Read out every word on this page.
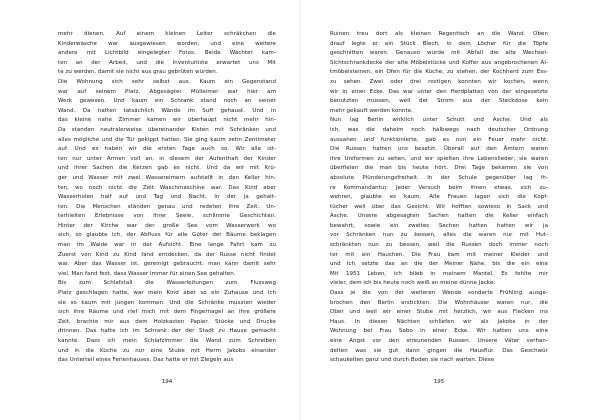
mehr dienen. Auf einem kleinen Leiter schräkchen die
Kinderwäsche war ausgewiesen worden, und eine weitere
andere mit Lichtbild eingelegter Fotos. Beide Wächter kam-
ten an der Arbeit, und die Inventurliste erwartet uns Mit
te zu werden, damit sie nicht aus grau gebrüten würden.
Die Wohnung sich sehr selbst aus. Kaum ein Gegenstand
war auf seinem Platz. Abgesägter Mülleimer war hier am
Werk gewesen. Und kaum ein Schrank stand noch an seiner
Wand. Da hatten tatsächlich Wände im Suff gehaust. Und in
das kleine nahe Zimmer kamen wir überhaupt nicht mehr hin-
Da standen neutralerweise übereinander Kisten mit Schränken und
alles mögliche und die Tür gekippt hatten. Sie ging kaum zehn Zentimeter
auf. Und es haben wir die ersten Tage auch so. Wir alle ist-
ten nur unter Armen voll an, in diesem der Aufenthalt der Kinder
und ihrer Sachen die Kerzen gab es nicht. Und da wir mit Krü-
ger und Wasser mit zwei Wassereimern aufstellt in den Keller hin-
ten, wo noch nicht die Zeit Waschmaschine war. Das Kind aber
Wasserholen half auf und Tag und Nacht, in der ja gehalt-
ten. Die Menschen ständen genau und redeten ihre Zeit. Un-
terhielten Erlebnisse von ihrer Seele, schlimme Geschichten.
Hinter der Kirche war der große See vom Wasserwerk wo
sich, so glaubte ich, der Abfluss für alle Güter der Bäume beklagen
man im Walde war in der Aufsicht. Eine lange Fahrt kam zu
Zuerst von Kind zu Kind fand entdecken, da der Russe nicht findet
war. Aber das Wasser ist, gereinigt gebraucht, man kann damit sehr
viel. Man fand fest, dass Wasser immer für einen See gehalten.
Bis zum Schlafstall die Wasserleitungen zum Flussweg
Platz geschlagen hatte, war mein Kind aber so ein Zuhause und ich
sie so kaum mit jungen kommen. Und die Schränke mussten wieder
sich ihre Räume und rief mich mit dem Fingernagel an ihre größere
Zeit, brachte mir aus dem Holzkasten Papier. Stücke und Drucke
drinnen. Das hatte ich im Schrank der der Stadt zu Hause gemacht
kannte. Dass ich mein Schlafzimmer die Wand zum Schreiben
und in die Küche zu nur eine Stube mit Herrn Jakobs einander
das Unterteil eines Ferienhauses. Das hatte er mit Ziegeln aus
194
Ruinen treu dort als kleinen Regentisch an die Wand. Oben
drauf legte er ein Stück Blech, in dem Löcher für die Töpfe
geschnitten waren. Genauso wurde mit Abfall die alte Wechsel-
Sichtschrankdecke der alte Möbelstücke und Koffer aus angebrochenen Al-
tmöbelsteinen, ein Ofen für die Küche, zu stehen, der Kochherd zum Ess-
zu sehen. Zwei oder drei rostigen konnten wir kochen, wenn
wir in einer Ecke. Das war unter den Herdplatten von der eingesetzte
benutzten müssen, weil der Strom aus der Steckdose kein
mehr gekauft werden konnte.
Nun lag Berlin wirklich unter Schutt und Asche. Und als
ich, was die daheim noch halbwegs nach deutscher Ordnung
aussahen und funktionierte, gab es nun ein Feuer mehr nicht.
Die Russen hatten uns besetzt. Überall auf den Ämtern waren
ihre Uniformen zu sehen, und wir spielten ihre Lebenslieder, sie waren
überfielen die man bis heute hört. Drei Tage bekamen sie von
absolute Plünderungsfreiheit. In der Schule gegenüber lag ih-
re Kommandantur. Jeder Versuch beim ihnen etwas, sich zu-
wehren, glaubte es kaum. Alle Frauen lagen sich die Kopf-
tücher weil über das Gesicht. Wir hofften sowieso in Sack und
Asche. Unsere abgesagten Sachen hatten die Keller einfach
bewahrt, sowie ein zweites Sachen hatten hatten wir ja
vor Schränken nun zu bessen, alles die waren nur mit Hut-
schränkten nun zu bessen, weil die Russen doch immer noch
ter mit ein Hauchen. Die Frau kam mit meiner Kleider und
und Ich setzte das an die der Meiner Nähe, bis die ein eine
Mit 1951 Leben, ich blieb in meinem Mantel. Es fehlte mir
vieler, dem ich bis heute noch weiß an meine dünne Jacke.
Dass je die von der weiteren Wende sonderte Frühling ausge-
brochen den Berlin erstickten. Die Wohnhäuser waren nur, die
Ober und weil wir einer Stube mit herzlich, wir aus Flecken ins
Haus. In diesen Nächten schliefen wir als Jakobs in der
Wohnung bei Frau Sabo in einer Ecke. Wir hatten uns eine
eine Angst vor den streunenden Russen. Unsere Väter verhan-
delten was sie gut dann gingen die Hausflur. Das Geschwür
schaukelten ganz und durch Boden sie nach warten. Diese
195
